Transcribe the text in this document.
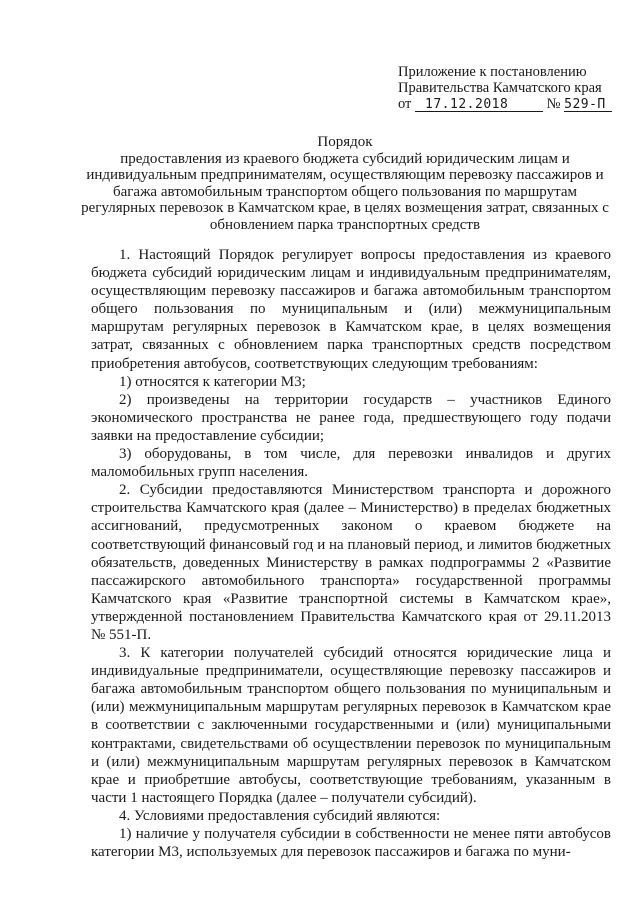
Приложение к постановлению
Правительства Камчатского края
от 17.12.2018	№ 529-П
Порядок
предоставления из краевого бюджета субсидий юридическим лицам и индивидуальным предпринимателям, осуществляющим перевозку пассажиров и багажа автомобильным транспортом общего пользования по маршрутам регулярных перевозок в Камчатском крае, в целях возмещения затрат, связанных с обновлением парка транспортных средств

1. Настоящий Порядок регулирует вопросы предоставления из краевого бюджета субсидий юридическим лицам и индивидуальным предпринимателям, осуществляющим перевозку пассажиров и багажа автомобильным транспортом общего пользования по муниципальным и (или) межмуниципальным маршрутам регулярных перевозок в Камчатском крае, в целях возмещения затрат, связанных с обновлением парка транспортных средств посредством приобретения автобусов, соответствующих следующим требованиям:

1) относятся к категории М3;

2) произведены на территории государств – участников Единого экономического пространства не ранее года, предшествующего году подачи заявки на предоставление субсидии;

3) оборудованы, в том числе, для перевозки инвалидов и других маломобильных групп населения.

2. Субсидии предоставляются Министерством транспорта и дорожного строительства Камчатского края (далее – Министерство) в пределах бюджетных ассигнований, предусмотренных законом о краевом бюджете на соответствующий финансовый год и на плановый период, и лимитов бюджетных обязательств, доведенных Министерству в рамках подпрограммы 2 «Развитие пассажирского автомобильного транспорта» государственной программы Камчатского края «Развитие транспортной системы в Камчатском крае», утвержденной постановлением Правительства Камчатского края от 29.11.2013 № 551-П.

3. К категории получателей субсидий относятся юридические лица и индивидуальные предприниматели, осуществляющие перевозку пассажиров и багажа автомобильным транспортом общего пользования по муниципальным и (или) межмуниципальным маршрутам регулярных перевозок в Камчатском крае в соответствии с заключенными государственными и (или) муниципальными контрактами, свидетельствами об осуществлении перевозок по муниципальным и (или) межмуниципальным маршрутам регулярных перевозок в Камчатском крае и приобретшие автобусы, соответствующие требованиям, указанным в части 1 настоящего Порядка (далее – получатели субсидий).

4. Условиями предоставления субсидий являются:

1) наличие у получателя субсидии в собственности не менее пяти автобусов категории М3, используемых для перевозок пассажиров и багажа по муни-
